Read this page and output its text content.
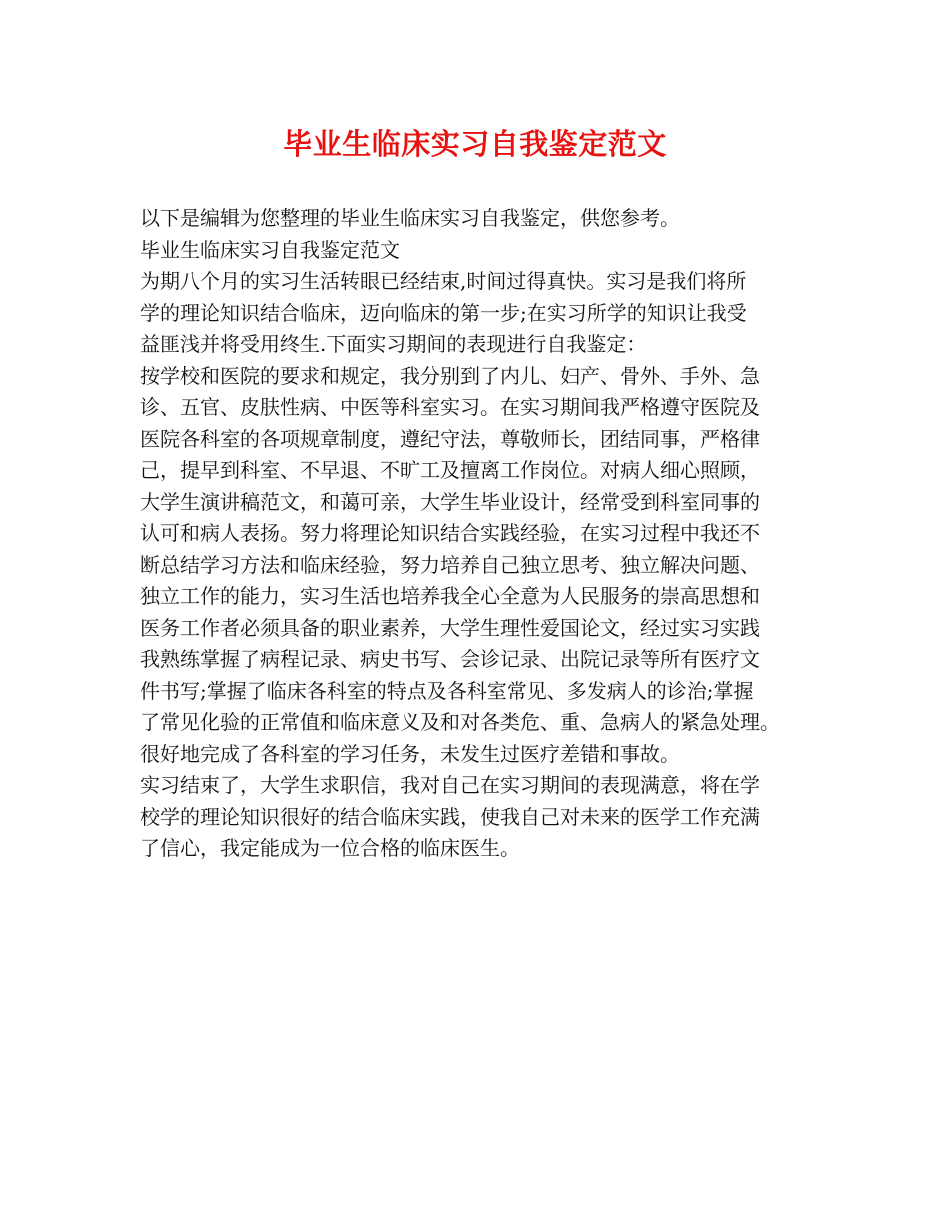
毕业生临床实习自我鉴定范文
以下是编辑为您整理的毕业生临床实习自我鉴定，供您参考。
毕业生临床实习自我鉴定范文
为期八个月的实习生活转眼已经结束,时间过得真快。实习是我们将所
学的理论知识结合临床，迈向临床的第一步;在实习所学的知识让我受
益匪浅并将受用终生.下面实习期间的表现进行自我鉴定：
按学校和医院的要求和规定，我分别到了内儿、妇产、骨外、手外、急
诊、五官、皮肤性病、中医等科室实习。在实习期间我严格遵守医院及
医院各科室的各项规章制度，遵纪守法，尊敬师长，团结同事，严格律
己，提早到科室、不早退、不旷工及擅离工作岗位。对病人细心照顾，
大学生演讲稿范文，和蔼可亲，大学生毕业设计，经常受到科室同事的
认可和病人表扬。努力将理论知识结合实践经验，在实习过程中我还不
断总结学习方法和临床经验，努力培养自己独立思考、独立解决问题、
独立工作的能力，实习生活也培养我全心全意为人民服务的崇高思想和
医务工作者必须具备的职业素养，大学生理性爱国论文，经过实习实践
我熟练掌握了病程记录、病史书写、会诊记录、出院记录等所有医疗文
件书写;掌握了临床各科室的特点及各科室常见、多发病人的诊治;掌握
了常见化验的正常值和临床意义及和对各类危、重、急病人的紧急处理。
很好地完成了各科室的学习任务，未发生过医疗差错和事故。
实习结束了，大学生求职信，我对自己在实习期间的表现满意，将在学
校学的理论知识很好的结合临床实践，使我自己对未来的医学工作充满
了信心，我定能成为一位合格的临床医生。
